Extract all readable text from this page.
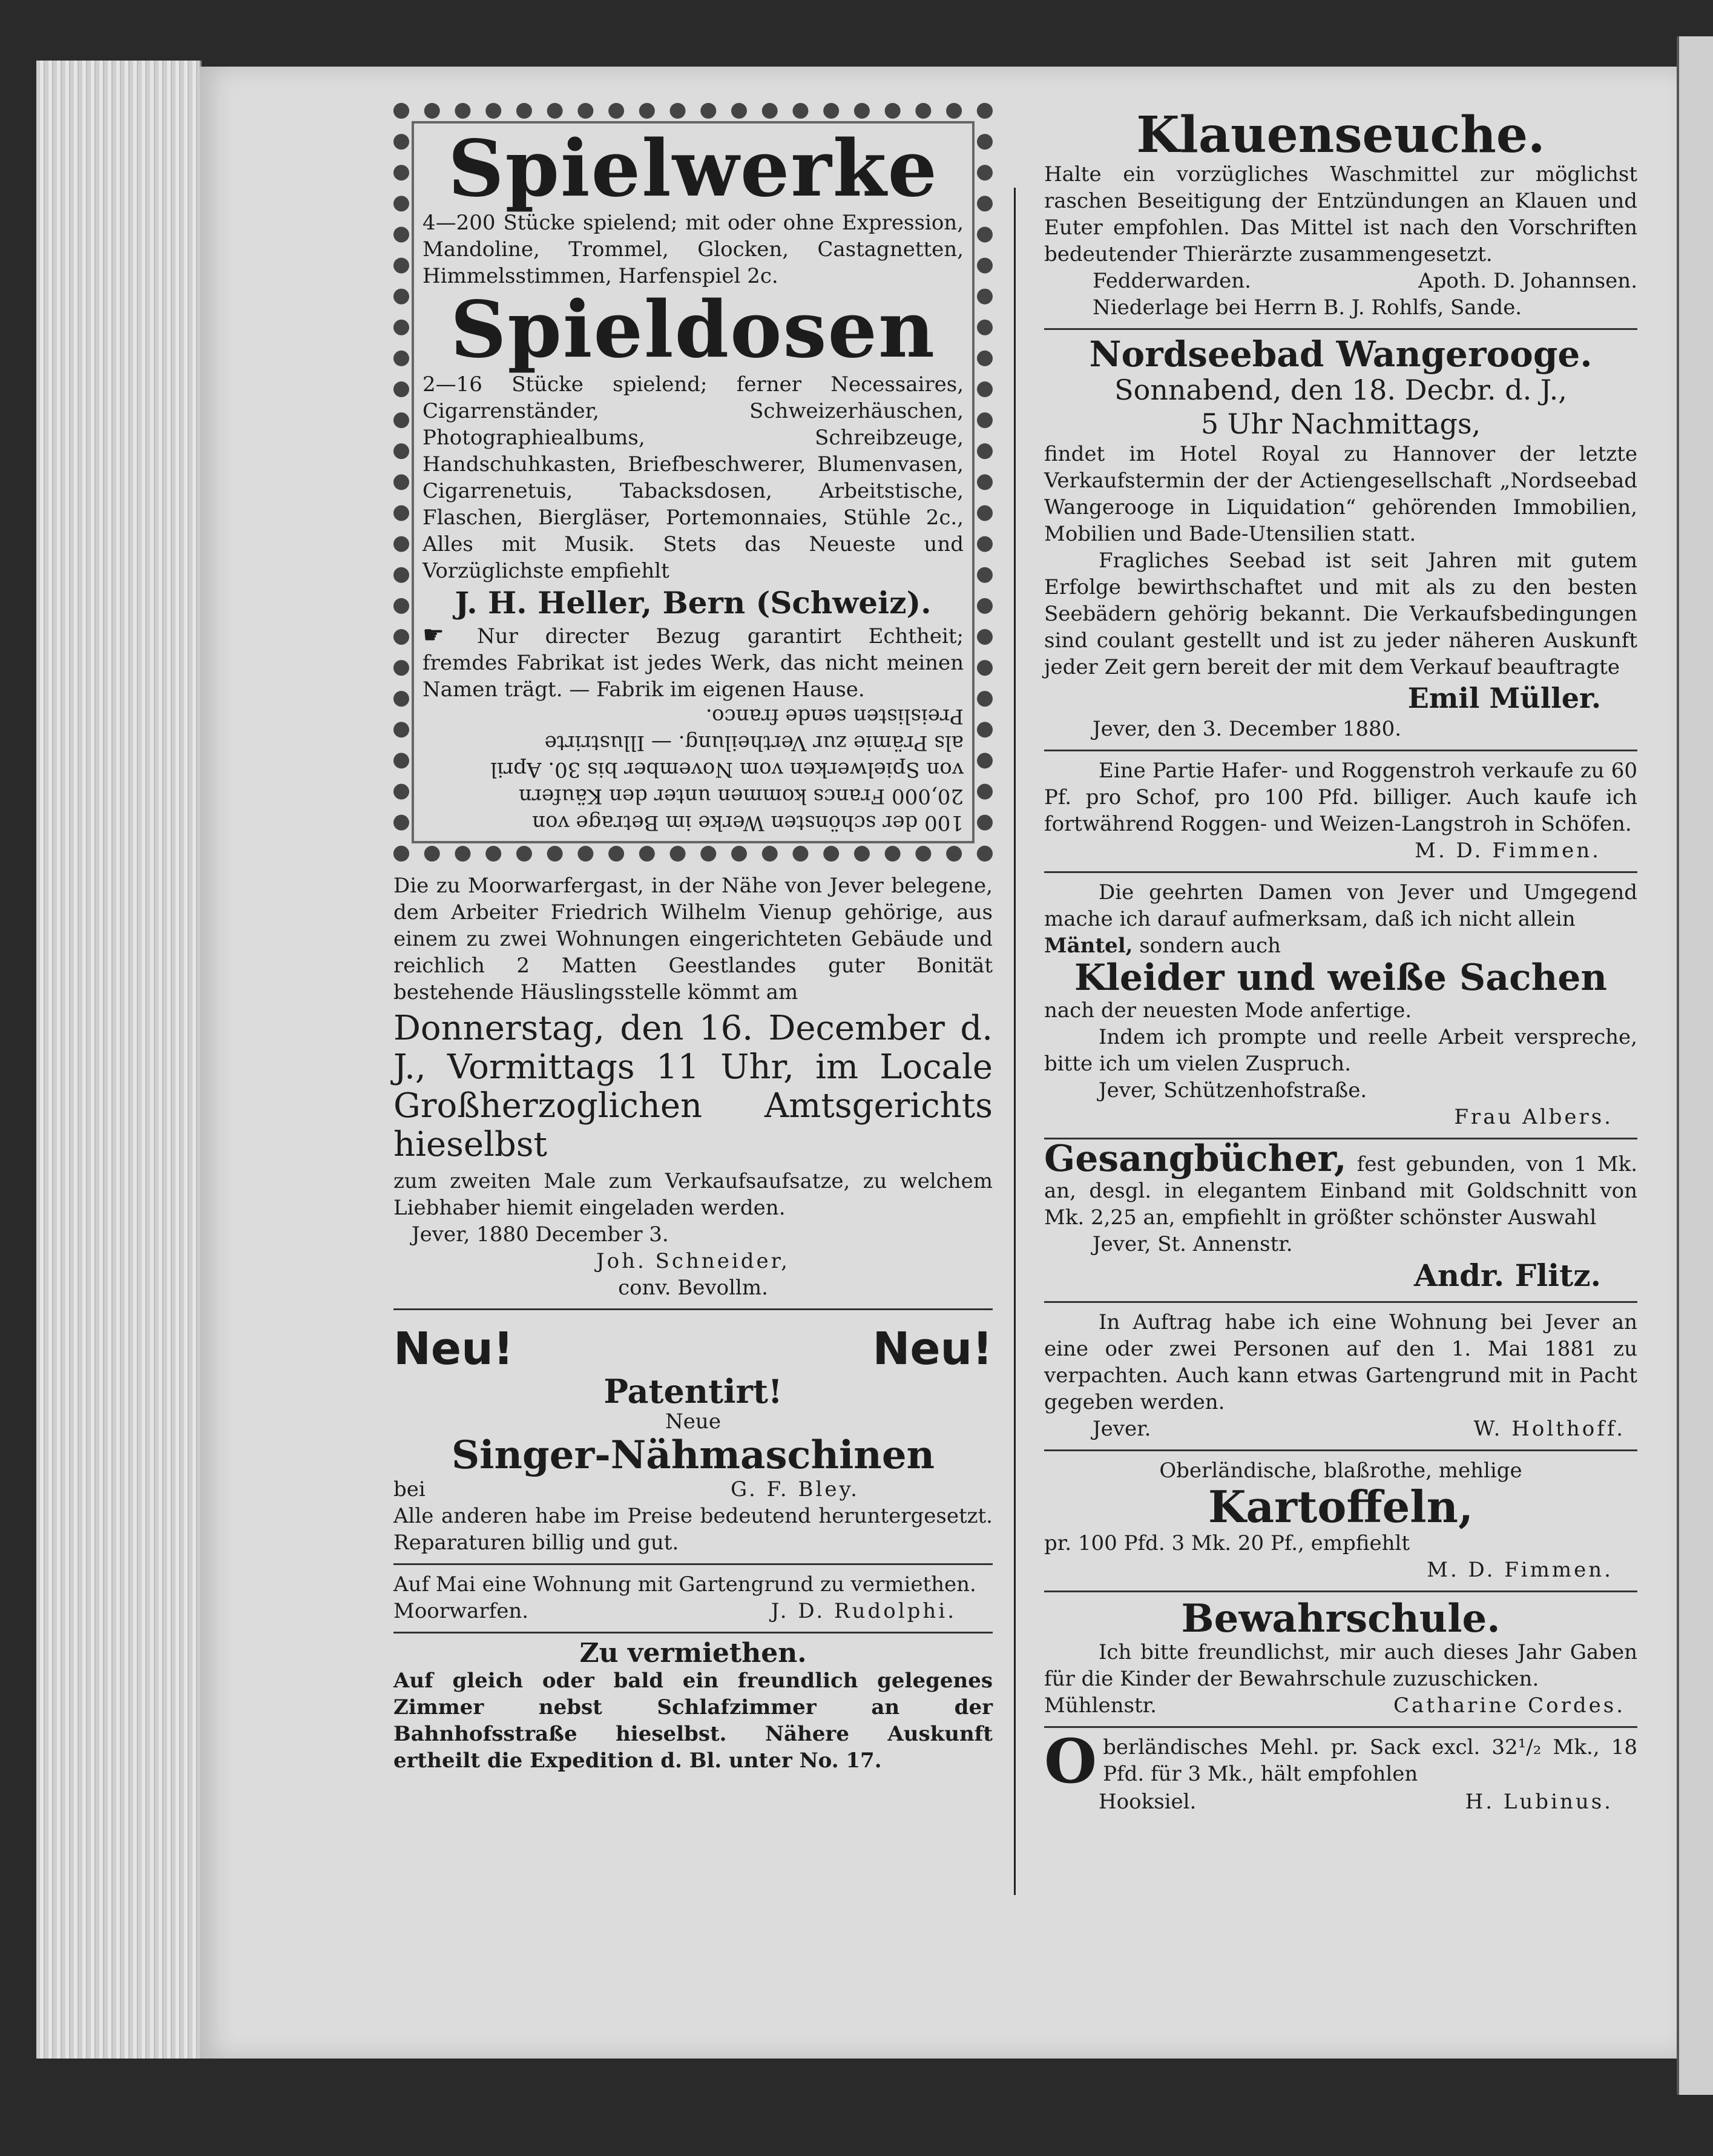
Spielwerke

4—200 Stücke spielend; mit oder ohne Expression, Mandoline, Trommel, Glocken, Castagnetten, Himmelsstimmen, Harfenspiel 2c.

Spieldosen

2—16 Stücke spielend; ferner Necessaires, Cigarrenständer, Schweizerhäuschen, Photographiealbums, Schreibzeuge, Handschuhkasten, Briefbeschwerer, Blumenvasen, Cigarrenetuis, Tabacksdosen, Arbeitstische, Flaschen, Biergläser, Portemonnaies, Stühle 2c., Alles mit Musik. Stets das Neueste und Vorzüglichste empfiehlt

J. H. Heller, Bern (Schweiz).

☛ Nur directer Bezug garantirt Echtheit; fremdes Fabrikat ist jedes Werk, das nicht meinen Namen trägt. — Fabrik im eigenen Hause.

100 der schönsten Werke im Betrage von

20,000 Francs kommen unter den Käufern

von Spielwerken vom November bis 30. April

als Prämie zur Vertheilung. — Illustrirte

Preislisten sende franco.

Die zu Moorwarfergast, in der Nähe von Jever belegene, dem Arbeiter Friedrich Wilhelm Vienup gehörige, aus einem zu zwei Wohnungen eingerichteten Gebäude und reichlich 2 Matten Geestlandes guter Bonität bestehende Häuslingsstelle kömmt am

Donnerstag, den 16. December d. J., Vormittags 11 Uhr, im Locale Großherzoglichen Amtsgerichts hieselbst

zum zweiten Male zum Verkaufsaufsatze, zu welchem Liebhaber hiemit eingeladen werden.

Jever, 1880 December 3.

Joh. Schneider,

conv. Bevollm.

Neu!	Neu!

Patentirt!

Neue

Singer-Nähmaschinen

bei	G. F. Bley.

Alle anderen habe im Preise bedeutend heruntergesetzt. Reparaturen billig und gut.

Auf Mai eine Wohnung mit Gartengrund zu vermiethen.

Moorwarfen.	J. D. Rudolphi.

Zu vermiethen.

Auf gleich oder bald ein freundlich gelegenes Zimmer nebst Schlafzimmer an der Bahnhofsstraße hieselbst. Nähere Auskunft ertheilt die Expedition d. Bl. unter No. 17.

Klauenseuche.

Halte ein vorzügliches Waschmittel zur möglichst raschen Beseitigung der Entzündungen an Klauen und Euter empfohlen. Das Mittel ist nach den Vorschriften bedeutender Thierärzte zusammengesetzt.

Fedderwarden.	Apoth. D. Johannsen.

Niederlage bei Herrn B. J. Rohlfs, Sande.

Nordseebad Wangerooge.

Sonnabend, den 18. Decbr. d. J.,

5 Uhr Nachmittags,

findet im Hotel Royal zu Hannover der letzte Verkaufstermin der der Actiengesellschaft „Nordseebad Wangerooge in Liquidation“ gehörenden Immobilien, Mobilien und Bade-Utensilien statt.

Fragliches Seebad ist seit Jahren mit gutem Erfolge bewirthschaftet und mit als zu den besten Seebädern gehörig bekannt. Die Verkaufsbedingungen sind coulant gestellt und ist zu jeder näheren Auskunft jeder Zeit gern bereit der mit dem Verkauf beauftragte

Emil Müller.

Jever, den 3. December 1880.

Eine Partie Hafer- und Roggenstroh verkaufe zu 60 Pf. pro Schof, pro 100 Pfd. billiger. Auch kaufe ich fortwährend Roggen- und Weizen-Langstroh in Schöfen.

M. D. Fimmen.

Die geehrten Damen von Jever und Umgegend mache ich darauf aufmerksam, daß ich nicht allein

Mäntel, sondern auch

Kleider und weiße Sachen

nach der neuesten Mode anfertige.

Indem ich prompte und reelle Arbeit verspreche, bitte ich um vielen Zuspruch.

Jever, Schützenhofstraße.

Frau Albers.

Gesangbücher, fest gebunden, von 1 Mk. an, desgl. in elegantem Einband mit Goldschnitt von Mk. 2,25 an, empfiehlt in größter schönster Auswahl

Jever, St. Annenstr.

Andr. Flitz.

In Auftrag habe ich eine Wohnung bei Jever an eine oder zwei Personen auf den 1. Mai 1881 zu verpachten. Auch kann etwas Gartengrund mit in Pacht gegeben werden.

Jever.	W. Holthoff.

Oberländische, blaßrothe, mehlige

Kartoffeln,

pr. 100 Pfd. 3 Mk. 20 Pf., empfiehlt

M. D. Fimmen.

Bewahrschule.

Ich bitte freundlichst, mir auch dieses Jahr Gaben für die Kinder der Bewahrschule zuzuschicken.

Mühlenstr.	Catharine Cordes.

O berländisches Mehl. pr. Sack excl. 32¹/₂ Mk., 18 Pfd. für 3 Mk., hält empfohlen

Hooksiel.	H. Lubinus.
